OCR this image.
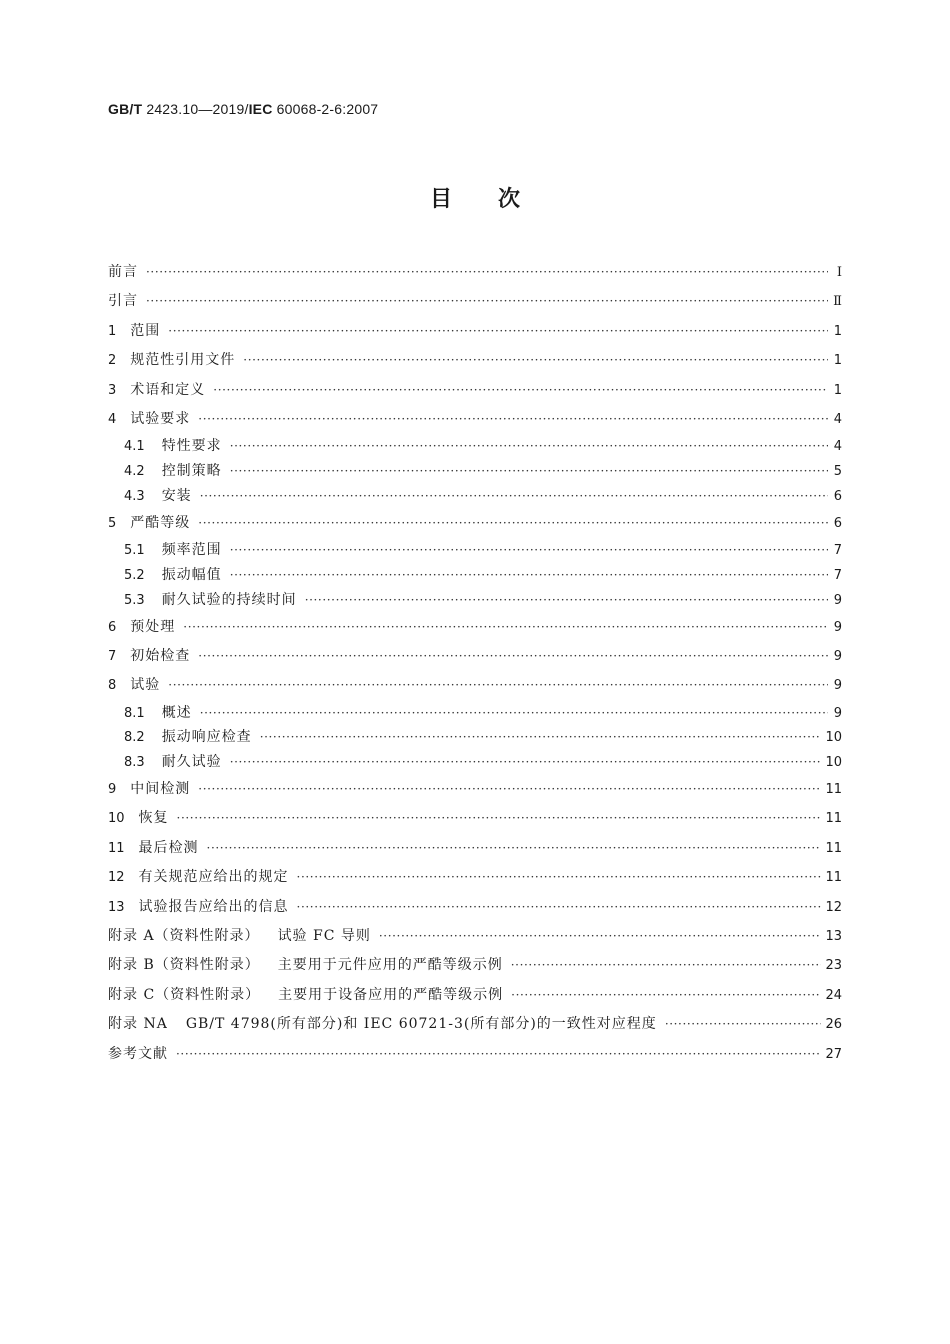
GB/T 2423.10—2019/IEC 60068-2-6:2007
目次
前言 ·····	Ⅰ
引言 ·····	Ⅱ
1 范围 ·····	1
2 规范性引用文件 ·····	1
3 术语和定义 ·····	1
4 试验要求 ·····	4
4.1 特性要求 ·····	4
4.2 控制策略 ·····	5
4.3 安装 ·····	6
5 严酷等级 ·····	6
5.1 频率范围 ·····	7
5.2 振动幅值 ·····	7
5.3 耐久试验的持续时间 ·····	9
6 预处理 ·····	9
7 初始检查 ·····	9
8 试验 ·····	9
8.1 概述 ·····	9
8.2 振动响应检查 ·····	10
8.3 耐久试验 ·····	10
9 中间检测 ·····	11
10 恢复 ·····	11
11 最后检测 ·····	11
12 有关规范应给出的规定 ·····	11
13 试验报告应给出的信息 ·····	12
附录 A（资料性附录） 试验 FC 导则 ·····	13
附录 B（资料性附录） 主要用于元件应用的严酷等级示例 ·····	23
附录 C（资料性附录） 主要用于设备应用的严酷等级示例 ·····	24
附录 NA GB/T 4798(所有部分)和 IEC 60721-3(所有部分)的一致性对应程度 ·····	26
参考文献 ·····	27
